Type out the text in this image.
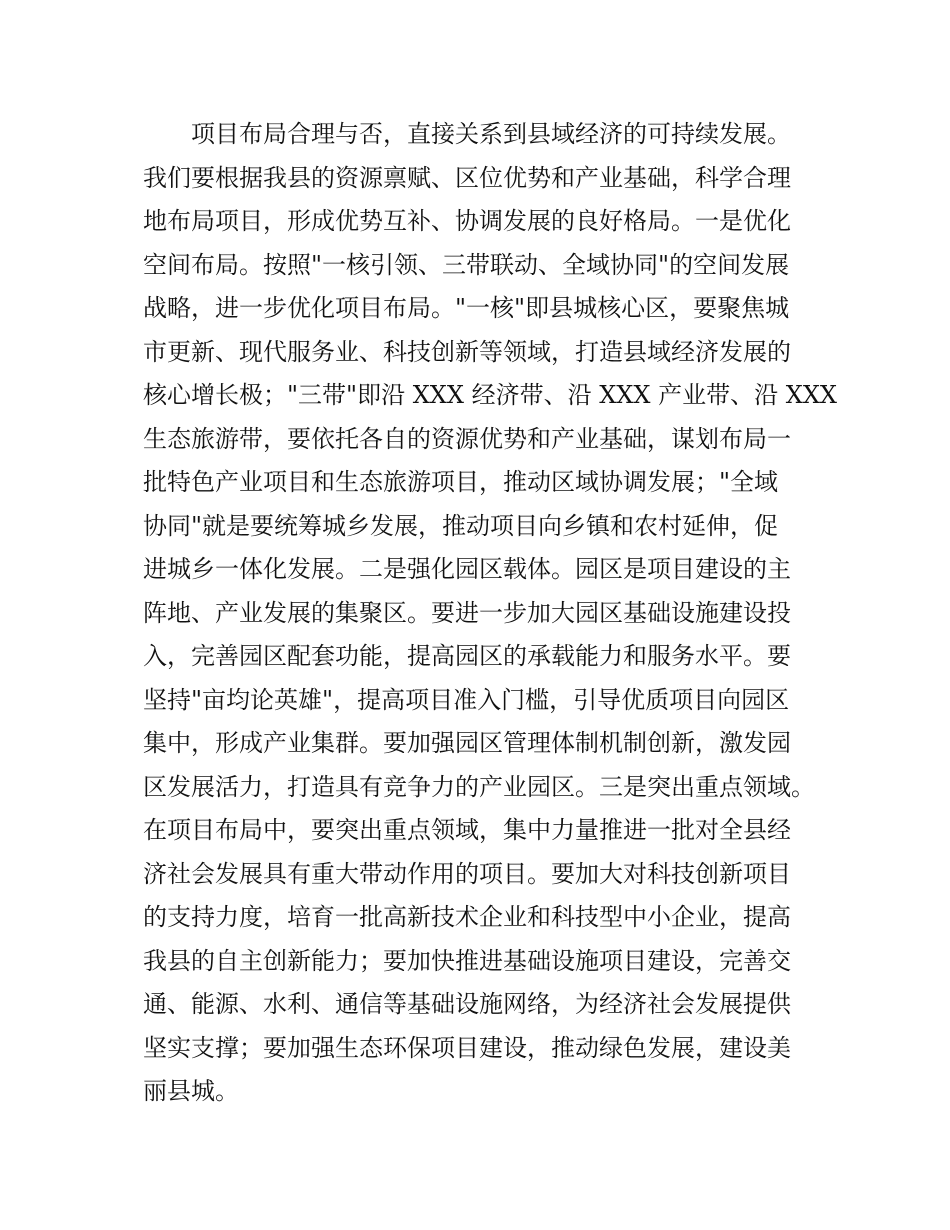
项目布局合理与否，直接关系到县域经济的可持续发展。
我们要根据我县的资源禀赋、区位优势和产业基础，科学合理
地布局项目，形成优势互补、协调发展的良好格局。一是优化
空间布局。按照"一核引领、三带联动、全域协同"的空间发展
战略，进一步优化项目布局。"一核"即县城核心区，要聚焦城
市更新、现代服务业、科技创新等领域，打造县域经济发展的
核心增长极；"三带"即沿 XXX 经济带、沿 XXX 产业带、沿 XXX
生态旅游带，要依托各自的资源优势和产业基础，谋划布局一
批特色产业项目和生态旅游项目，推动区域协调发展；"全域
协同"就是要统筹城乡发展，推动项目向乡镇和农村延伸，促
进城乡一体化发展。二是强化园区载体。园区是项目建设的主
阵地、产业发展的集聚区。要进一步加大园区基础设施建设投
入，完善园区配套功能，提高园区的承载能力和服务水平。要
坚持"亩均论英雄"，提高项目准入门槛，引导优质项目向园区
集中，形成产业集群。要加强园区管理体制机制创新，激发园
区发展活力，打造具有竞争力的产业园区。三是突出重点领域。
在项目布局中，要突出重点领域，集中力量推进一批对全县经
济社会发展具有重大带动作用的项目。要加大对科技创新项目
的支持力度，培育一批高新技术企业和科技型中小企业，提高
我县的自主创新能力；要加快推进基础设施项目建设，完善交
通、能源、水利、通信等基础设施网络，为经济社会发展提供
坚实支撑；要加强生态环保项目建设，推动绿色发展，建设美
丽县城。
